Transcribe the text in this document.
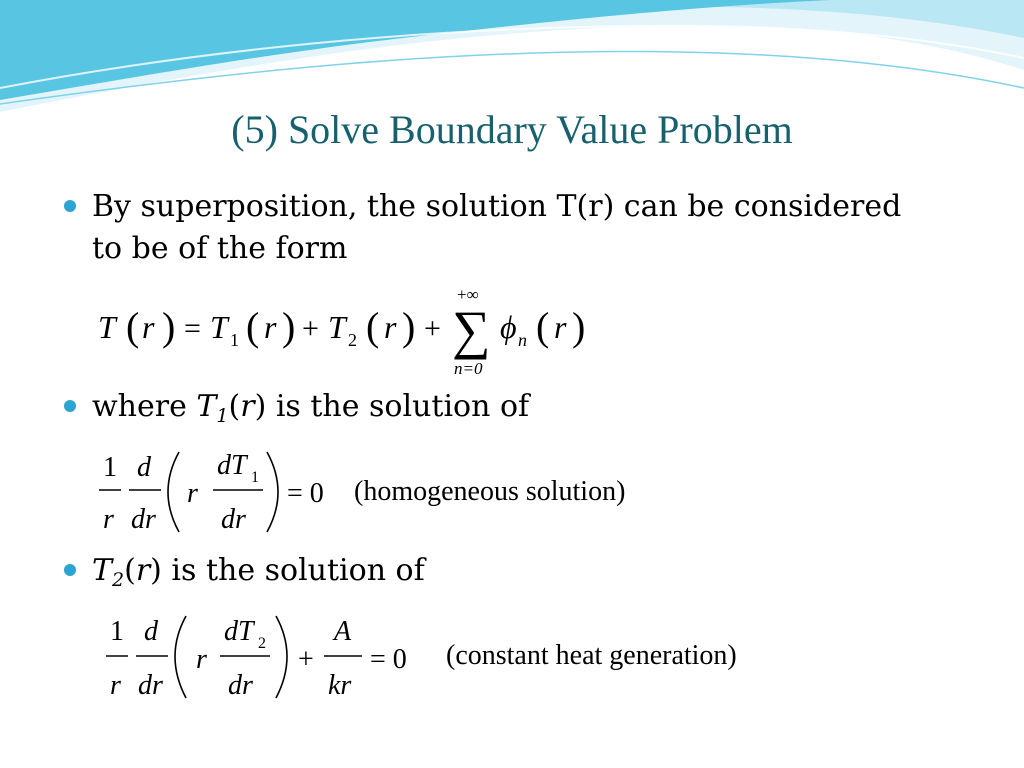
(5) Solve Boundary Value Problem
By superposition, the solution T(r) can be considered
to be of the form
T ( r ) = T 1 ( r ) + T 2 ( r ) +
+∞
∑
n=0
ϕ n ( r )
where $T_1(r)$ is the solution of
1
r
d
dr
r
dT 1
dr
= 0 (homogeneous solution)
$T_2(r)$ is the solution of
1
r
d
dr
r
dT 2
dr
+
A
kr
= 0 (constant heat generation)
